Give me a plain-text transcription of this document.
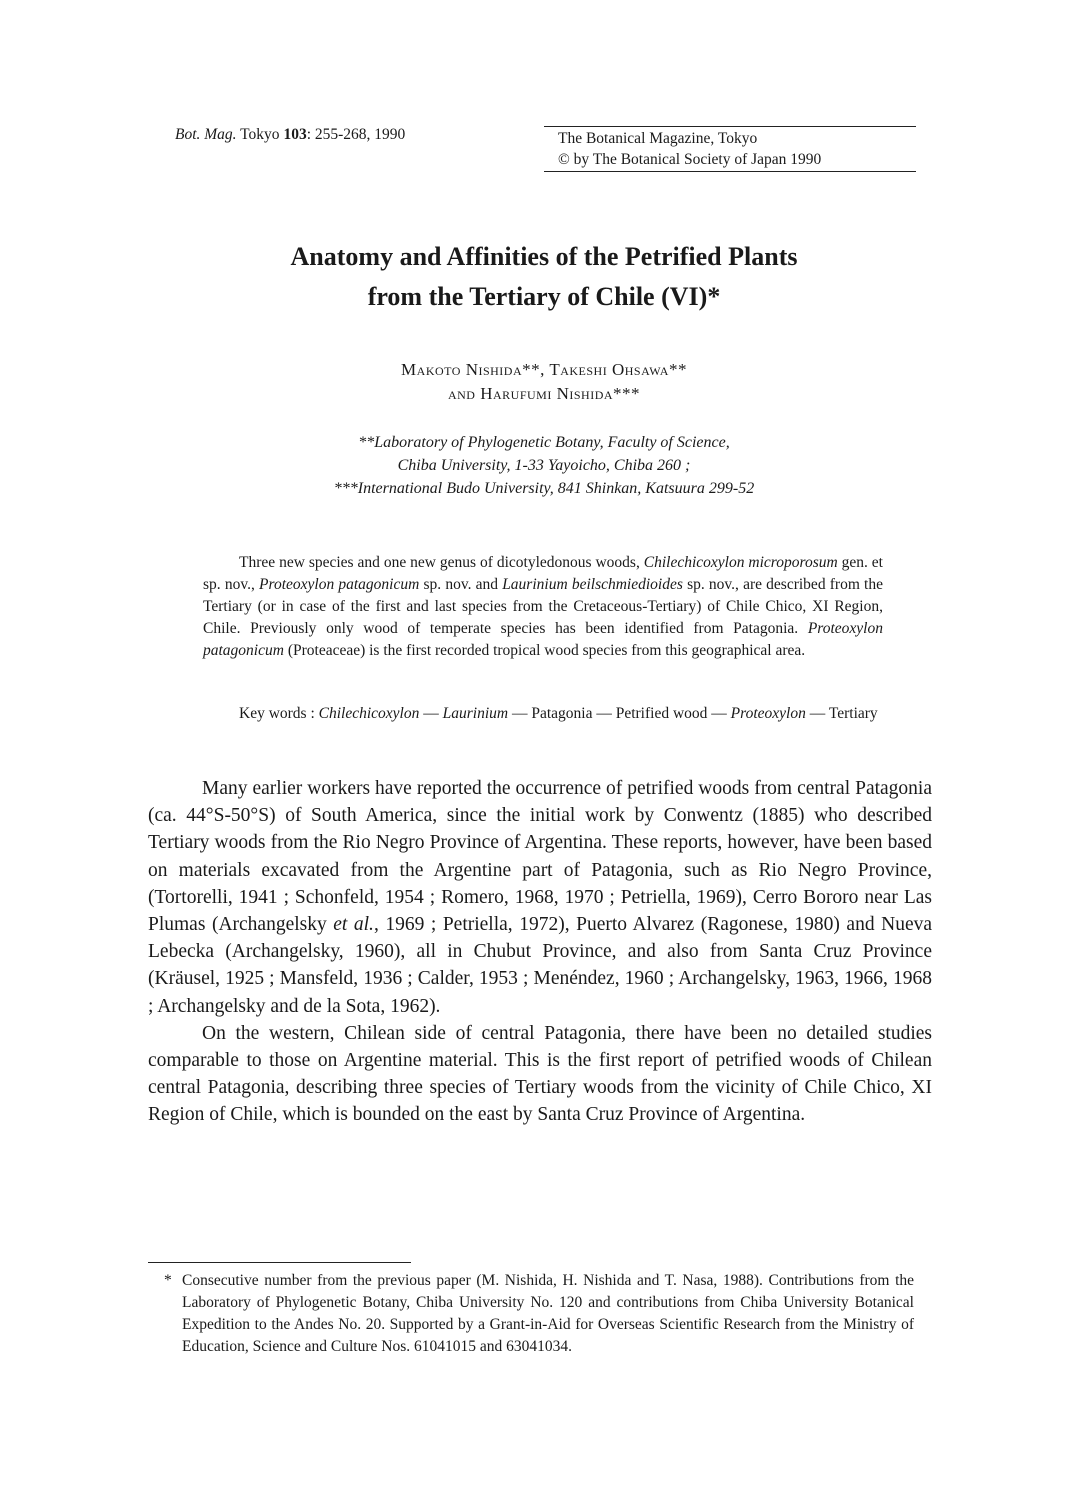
Bot. Mag. Tokyo 103: 255-268, 1990	The Botanical Magazine, Tokyo
© by The Botanical Society of Japan 1990
Anatomy and Affinities of the Petrified Plants
from the Tertiary of Chile (VI)*
Makoto Nishida**, Takeshi Ohsawa**
and Harufumi Nishida***
**Laboratory of Phylogenetic Botany, Faculty of Science,
Chiba University, 1-33 Yayoicho, Chiba 260 ;
***International Budo University, 841 Shinkan, Katsuura 299-52
Three new species and one new genus of dicotyledonous woods, Chilechicoxylon microporosum gen. et sp. nov., Proteoxylon patagonicum sp. nov. and Laurinium beilschmiedioides sp. nov., are described from the Tertiary (or in case of the first and last species from the Cretaceous-Tertiary) of Chile Chico, XI Region, Chile. Previously only wood of temperate species has been identified from Patagonia. Proteoxylon patagonicum (Proteaceae) is the first recorded tropical wood species from this geographical area.
Key words : Chilechicoxylon — Laurinium — Patagonia — Petrified wood — Proteoxylon — Tertiary

Many earlier workers have reported the occurrence of petrified woods from central Patagonia (ca. 44°S-50°S) of South America, since the initial work by Conwentz (1885) who described Tertiary woods from the Rio Negro Province of Argentina. These reports, however, have been based on materials excavated from the Argentine part of Patagonia, such as Rio Negro Province, (Tortorelli, 1941 ; Schonfeld, 1954 ; Romero, 1968, 1970 ; Petriella, 1969), Cerro Bororo near Las Plumas (Archangelsky et al., 1969 ; Petriella, 1972), Puerto Alvarez (Ragonese, 1980) and Nueva Lebecka (Archangelsky, 1960), all in Chubut Province, and also from Santa Cruz Province (Kräusel, 1925 ; Mansfeld, 1936 ; Calder, 1953 ; Menéndez, 1960 ; Archangelsky, 1963, 1966, 1968 ; Archangelsky and de la Sota, 1962).

On the western, Chilean side of central Patagonia, there have been no detailed studies comparable to those on Argentine material. This is the first report of petrified woods of Chilean central Patagonia, describing three species of Tertiary woods from the vicinity of Chile Chico, XI Region of Chile, which is bounded on the east by Santa Cruz Province of Argentina.

* Consecutive number from the previous paper (M. Nishida, H. Nishida and T. Nasa, 1988). Contributions from the Laboratory of Phylogenetic Botany, Chiba University No. 120 and contributions from Chiba University Botanical Expedition to the Andes No. 20. Supported by a Grant-in-Aid for Overseas Scientific Research from the Ministry of Education, Science and Culture Nos. 61041015 and 63041034.
